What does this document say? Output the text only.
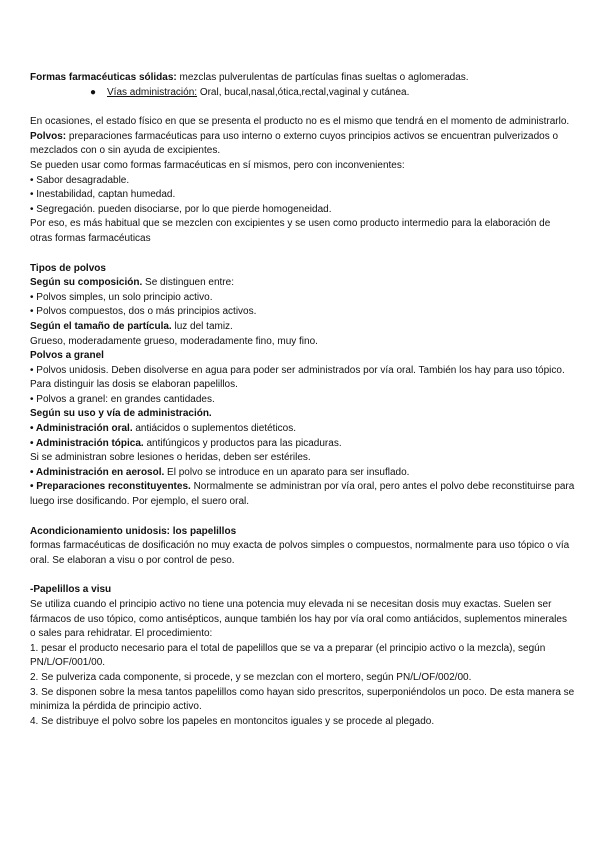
Formas farmacéuticas sólidas: mezclas pulverulentas de partículas finas sueltas o aglomeradas.

● Vías administración: Oral, bucal,nasal,ótica,rectal,vaginal y cutánea.

En ocasiones, el estado físico en que se presenta el producto no es el mismo que tendrá en el momento de administrarlo.

Polvos: preparaciones farmacéuticas para uso interno o externo cuyos principios activos se encuentran pulverizados o mezclados con o sin ayuda de excipientes.

Se pueden usar como formas farmacéuticas en sí mismos, pero con inconvenientes:

• Sabor desagradable.

• Inestabilidad, captan humedad.

• Segregación. pueden disociarse, por lo que pierde homogeneidad.

Por eso, es más habitual que se mezclen con excipientes y se usen como producto intermedio para la elaboración de otras formas farmacéuticas

Tipos de polvos

Según su composición. Se distinguen entre:

• Polvos simples, un solo principio activo.

• Polvos compuestos, dos o más principios activos.

Según el tamaño de partícula. luz del tamiz.

Grueso, moderadamente grueso, moderadamente fino, muy fino.

Polvos a granel

• Polvos unidosis. Deben disolverse en agua para poder ser administrados por vía oral. También los hay para uso tópico. Para distinguir las dosis se elaboran papelillos.

• Polvos a granel: en grandes cantidades.

Según su uso y vía de administración.

• Administración oral. antiácidos o suplementos dietéticos.

• Administración tópica. antifúngicos y productos para las picaduras.

Si se administran sobre lesiones o heridas, deben ser estériles.

• Administración en aerosol. El polvo se introduce en un aparato para ser insuflado.

• Preparaciones reconstituyentes. Normalmente se administran por vía oral, pero antes el polvo debe reconstituirse para luego irse dosificando. Por ejemplo, el suero oral.

Acondicionamiento unidosis: los papelillos

formas farmacéuticas de dosificación no muy exacta de polvos simples o compuestos, normalmente para uso tópico o vía oral. Se elaboran a visu o por control de peso.

-Papelillos a visu

Se utiliza cuando el principio activo no tiene una potencia muy elevada ni se necesitan dosis muy exactas. Suelen ser fármacos de uso tópico, como antisépticos, aunque también los hay por vía oral como antiácidos, suplementos minerales o sales para rehidratar. El procedimiento:

1. pesar el producto necesario para el total de papelillos que se va a preparar (el principio activo o la mezcla), según PN/L/OF/001/00.

2. Se pulveriza cada componente, si procede, y se mezclan con el mortero, según PN/L/OF/002/00.

3. Se disponen sobre la mesa tantos papelillos como hayan sido prescritos, superponiéndolos un poco. De esta manera se minimiza la pérdida de principio activo.

4. Se distribuye el polvo sobre los papeles en montoncitos iguales y se procede al plegado.
